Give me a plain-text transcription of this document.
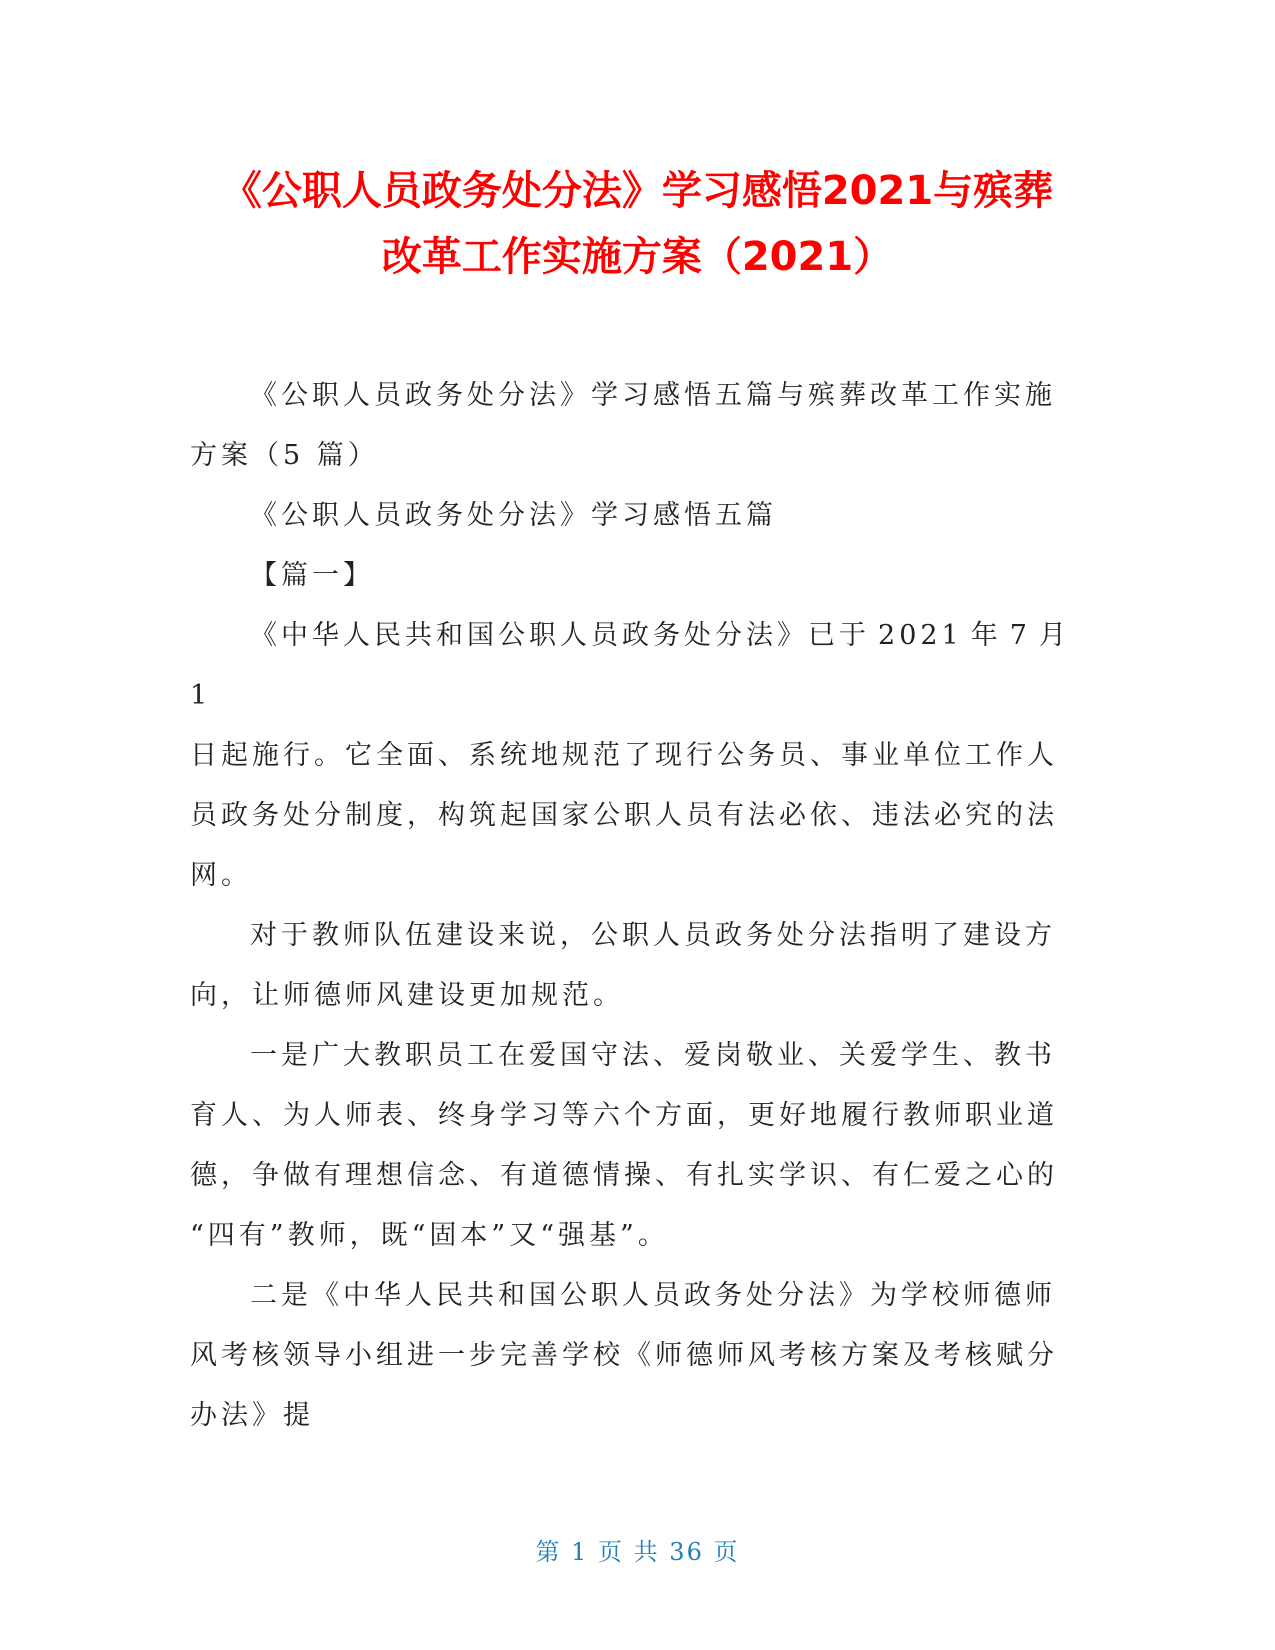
《公职人员政务处分法》学习感悟2021与殡葬
改革工作实施方案（2021）
《公职人员政务处分法》学习感悟五篇与殡葬改革工作实施
方案（5 篇）
《公职人员政务处分法》学习感悟五篇
【篇一】
《中华人民共和国公职人员政务处分法》已于 2021 年 7 月
1
日起施行。它全面、系统地规范了现行公务员、事业单位工作人
员政务处分制度，构筑起国家公职人员有法必依、违法必究的法
网。
对于教师队伍建设来说，公职人员政务处分法指明了建设方
向，让师德师风建设更加规范。
一是广大教职员工在爱国守法、爱岗敬业、关爱学生、教书
育人、为人师表、终身学习等六个方面，更好地履行教师职业道
德，争做有理想信念、有道德情操、有扎实学识、有仁爱之心的
“四有”教师，既“固本”又“强基”。
二是《中华人民共和国公职人员政务处分法》为学校师德师
风考核领导小组进一步完善学校《师德师风考核方案及考核赋分
办法》提
第 1 页 共 36 页
